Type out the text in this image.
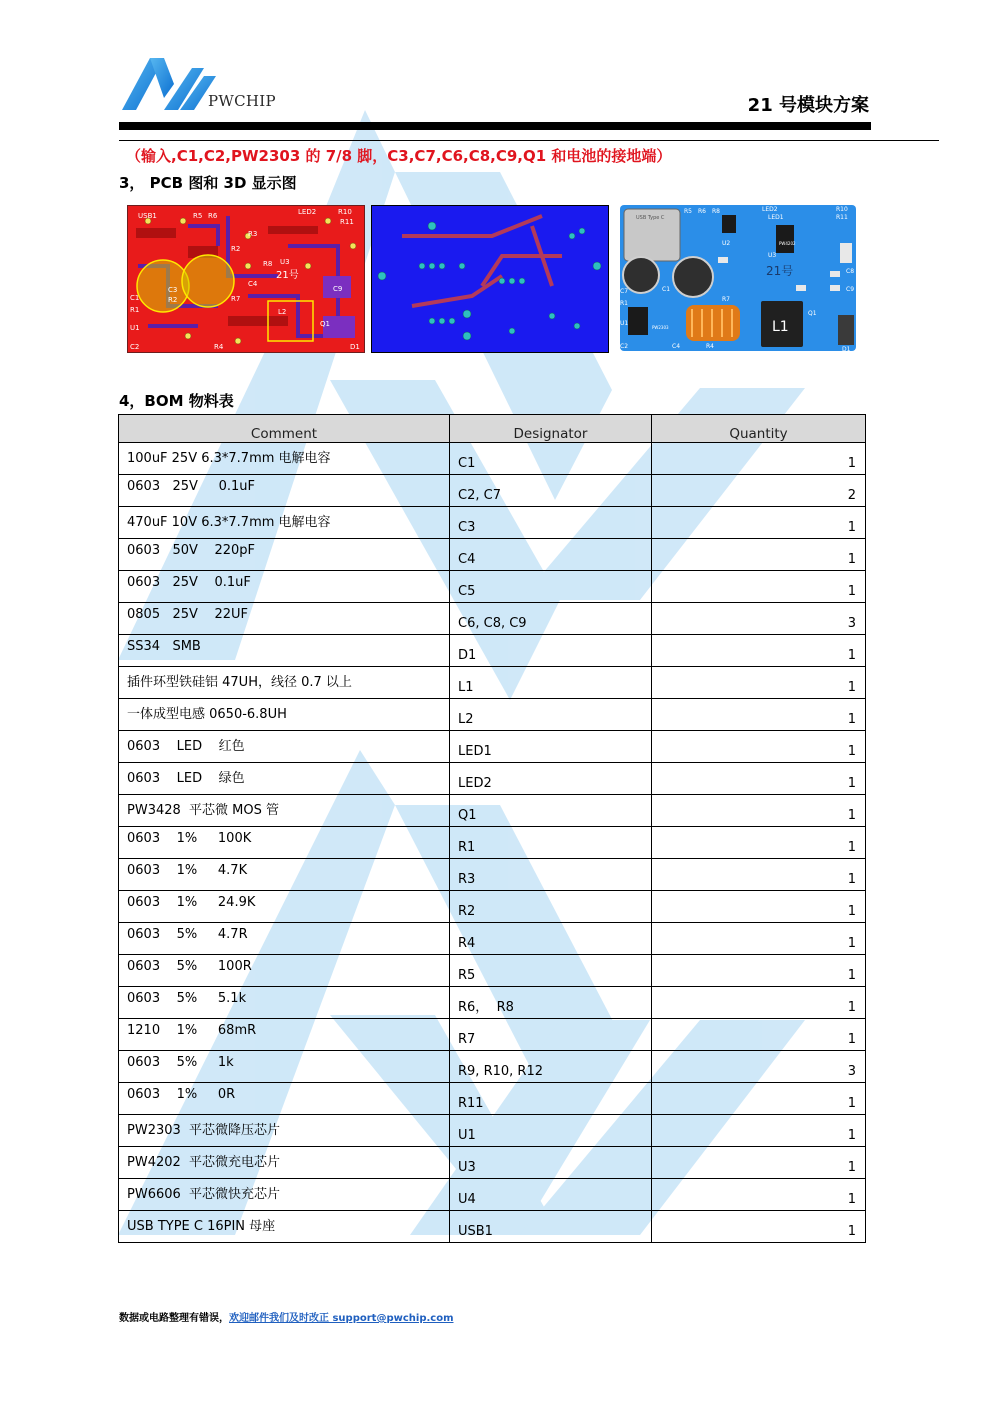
PWCHIP	21 号模块方案
（输入,C1,C2,PW2303 的 7/8 脚，C3,C7,C6,C8,C9,Q1 和电池的接地端）
3， PCB 图和 3D 显示图
USB1	R5 R6
R3
LED2	R10
R11
R2
R7
R8
21号
U3
C4
C1
C3
R1
R2
U1
L2
Q1
C2	R4	D1
C9
USB Type C
R5 R6 R8	LED2	R10
R11
LED1
U2
U3
PW4202
21号	C8
C9
C7
R1
C1
U1
PW2303
R7
L1
Q1
D1
C2	C4	R4
4，BOM 物料表
Comment	Designator	Quantity
100uF 25V 6.3*7.7mm 电解电容	C1	1
0603   25V     0.1uF	C2, C7	2
470uF 10V 6.3*7.7mm 电解电容	C3	1
0603   50V    220pF	C4	1
0603   25V    0.1uF	C5	1
0805   25V    22UF	C6, C8, C9	3
SS34   SMB	D1	1
插件环型铁硅铝 47UH，线径 0.7 以上	L1	1
一体成型电感 0650-6.8UH	L2	1
0603    LED    红色	LED1	1
0603    LED    绿色	LED2	1
PW3428  平芯微 MOS 管	Q1	1
0603    1%     100K	R1	1
0603    1%     4.7K	R3	1
0603    1%     24.9K	R2	1
0603    5%     4.7R	R4	1
0603    5%     100R	R5	1
0603    5%     5.1k	R6，  R8	1
1210    1%     68mR	R7	1
0603    5%     1k	R9, R10, R12	3
0603    1%     0R	R11	1
PW2303  平芯微降压芯片	U1	1
PW4202  平芯微充电芯片	U3	1
PW6606  平芯微快充芯片	U4	1
USB TYPE C 16PIN 母座	USB1	1
数据或电路整理有错误，欢迎邮件我们及时改正 support@pwchip.com
